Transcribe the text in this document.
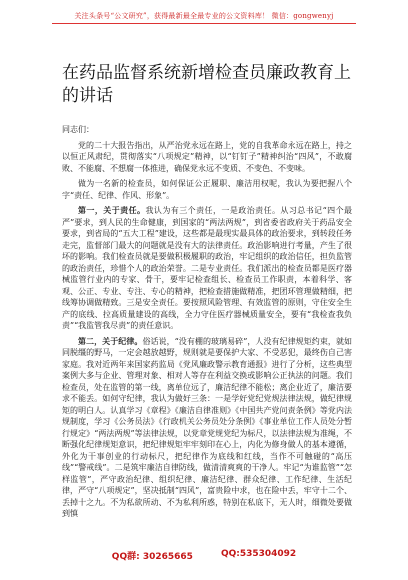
关注头条号“公文研究”，获得最新最全最专业的公文资料库！ 微信：gongwenyj
在药品监督系统新增检查员廉政教育上的讲话

同志们：

党的二十大报告指出，从严治党永远在路上，党的自我革命永远在路上，持之以恒正风肃纪，贯彻落实“八项规定”精神，以“钉钉子”精神纠治“四风”，不敢腐败、不能腐、不想腐一体推进，确保党永远不变质、不变色、不变味。

做为一名新的检查员，如何保证公正履职、廉洁用权呢，我认为要把握八个字“责任、纪律、作风、形象”。

第一，关于责任。我认为有三个责任，一是政治责任。从习总书记“四个最严”要求，到人民的生命健康，到国家的“两法两规”，到省委省政府关于药品安全要求，到省局的“五大工程”建设，这些都是最现实最具体的政治要求，到转段任务走完，监督部门最大的问题就是没有大的法律责任。政治影响进行考量，产生了很坏的影响。我们检查员就是要做积极履职的政治，牢记组织的政治信任，担负监管的政治责任，珍惜个人的政治荣誉。二是专业责任。我们派出的检查员都是医疗器械监管行业内的专家、骨干，要牢记检查组长、检查员工作职责，本着科学、客观、公正、专业、专注、专心的精神，把检查措施做精准，把团环管理做精细，把线筹协调做精致。三是安全责任。要按照风险管理、有效监管的原则，守住安全生产的底线、拉高质量建设的高线，全力守住医疗器械质量安全，要有“我检查我负责”“我监管我尽责”的责任意识。

第二，关于纪律。俗话说，“没有棚的玻璃易碎”，人没有纪律规矩约束，就如同脱缰的野马，一定会越放越野，规则就是要保护大家、不受恶犯，最终伤自己害家庭。我对近两年来国家药监局《党风廉政警示教育通报》进行了分析，这些典型案例大多与企业、管理对象、相对人等存在利益交换或影响公正执法的问题。我们检查员，处在监管的第一线，离单位远了，廉洁纪律不能松；离企业近了，廉洁要求不能丢。如何守纪律，我认为做好三条：一是学好党纪党规法律法规，做纪律规矩的明白人。认真学习《章程》《廉洁自律准则》《中国共产党问责条例》等党内法规制度，学习《公务员法》《行政机关公务员处分条例》《事业单位工作人员处分暂行规定》“两法两规”等法律法规，以党章党规党纪为标尺，以法律法规为准绳，不断强化纪律规矩意识，把纪律规矩牢牢刻印在心上，内化为修身做人的基本遵循，外化为干事创业的行动标尺，把纪律作为底线和红线，当作不可触碰的“高压线”“警戒线”。二是筑牢廉洁自律防线，做清清爽爽的干净人。牢记“为谁监管”“怎样监管”，严守政治纪律、组织纪律、廉洁纪律、群众纪律、工作纪律、生活纪律，严守“八项规定”，坚决抵制“四风”，富贵险中求，也在险中丢，牢守十二个、丢掉十之九。不为私欲所动、不为私利所惑，特别在私底下，无人时，细微处要做到慎

QQ群: 30265665	QQ:535304092
